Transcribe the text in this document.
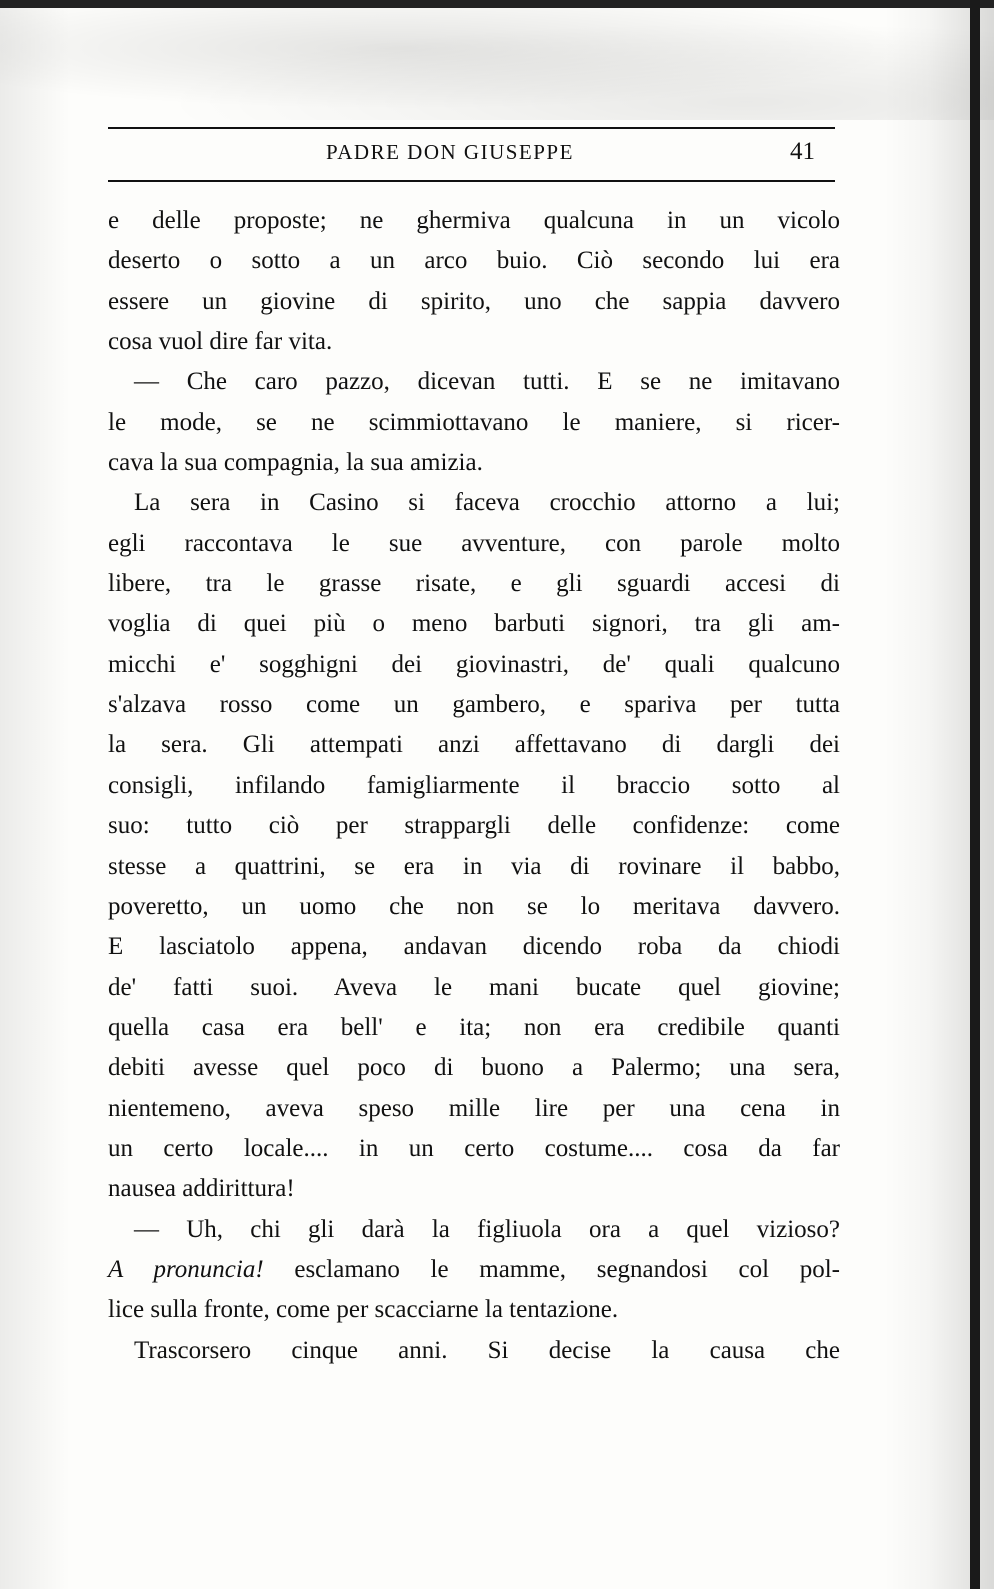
PADRE DON GIUSEPPE	41
e delle proposte; ne ghermiva qualcuna in un vicolo
deserto o sotto a un arco buio. Ciò secondo lui era
essere un giovine di spirito, uno che sappia davvero
cosa vuol dire far vita.
— Che caro pazzo, dicevan tutti. E se ne imitavano
le mode, se ne scimmiottavano le maniere, si ricer-
cava la sua compagnia, la sua amizia.
La sera in Casino si faceva crocchio attorno a lui;
egli raccontava le sue avventure, con parole molto
libere, tra le grasse risate, e gli sguardi accesi di
voglia di quei più o meno barbuti signori, tra gli am-
micchi e' sogghigni dei giovinastri, de' quali qualcuno
s'alzava rosso come un gambero, e spariva per tutta
la sera. Gli attempati anzi affettavano di dargli dei
consigli, infilando famigliarmente il braccio sotto al
suo: tutto ciò per strappargli delle confidenze: come
stesse a quattrini, se era in via di rovinare il babbo,
poveretto, un uomo che non se lo meritava davvero.
E lasciatolo appena, andavan dicendo roba da chiodi
de' fatti suoi. Aveva le mani bucate quel giovine;
quella casa era bell' e ita; non era credibile quanti
debiti avesse quel poco di buono a Palermo; una sera,
nientemeno, aveva speso mille lire per una cena in
un certo locale.... in un certo costume.... cosa da far
nausea addirittura!
— Uh, chi gli darà la figliuola ora a quel vizioso?
A pronuncia! esclamano le mamme, segnandosi col pol-
lice sulla fronte, come per scacciarne la tentazione.
Trascorsero cinque anni. Si decise la causa che
